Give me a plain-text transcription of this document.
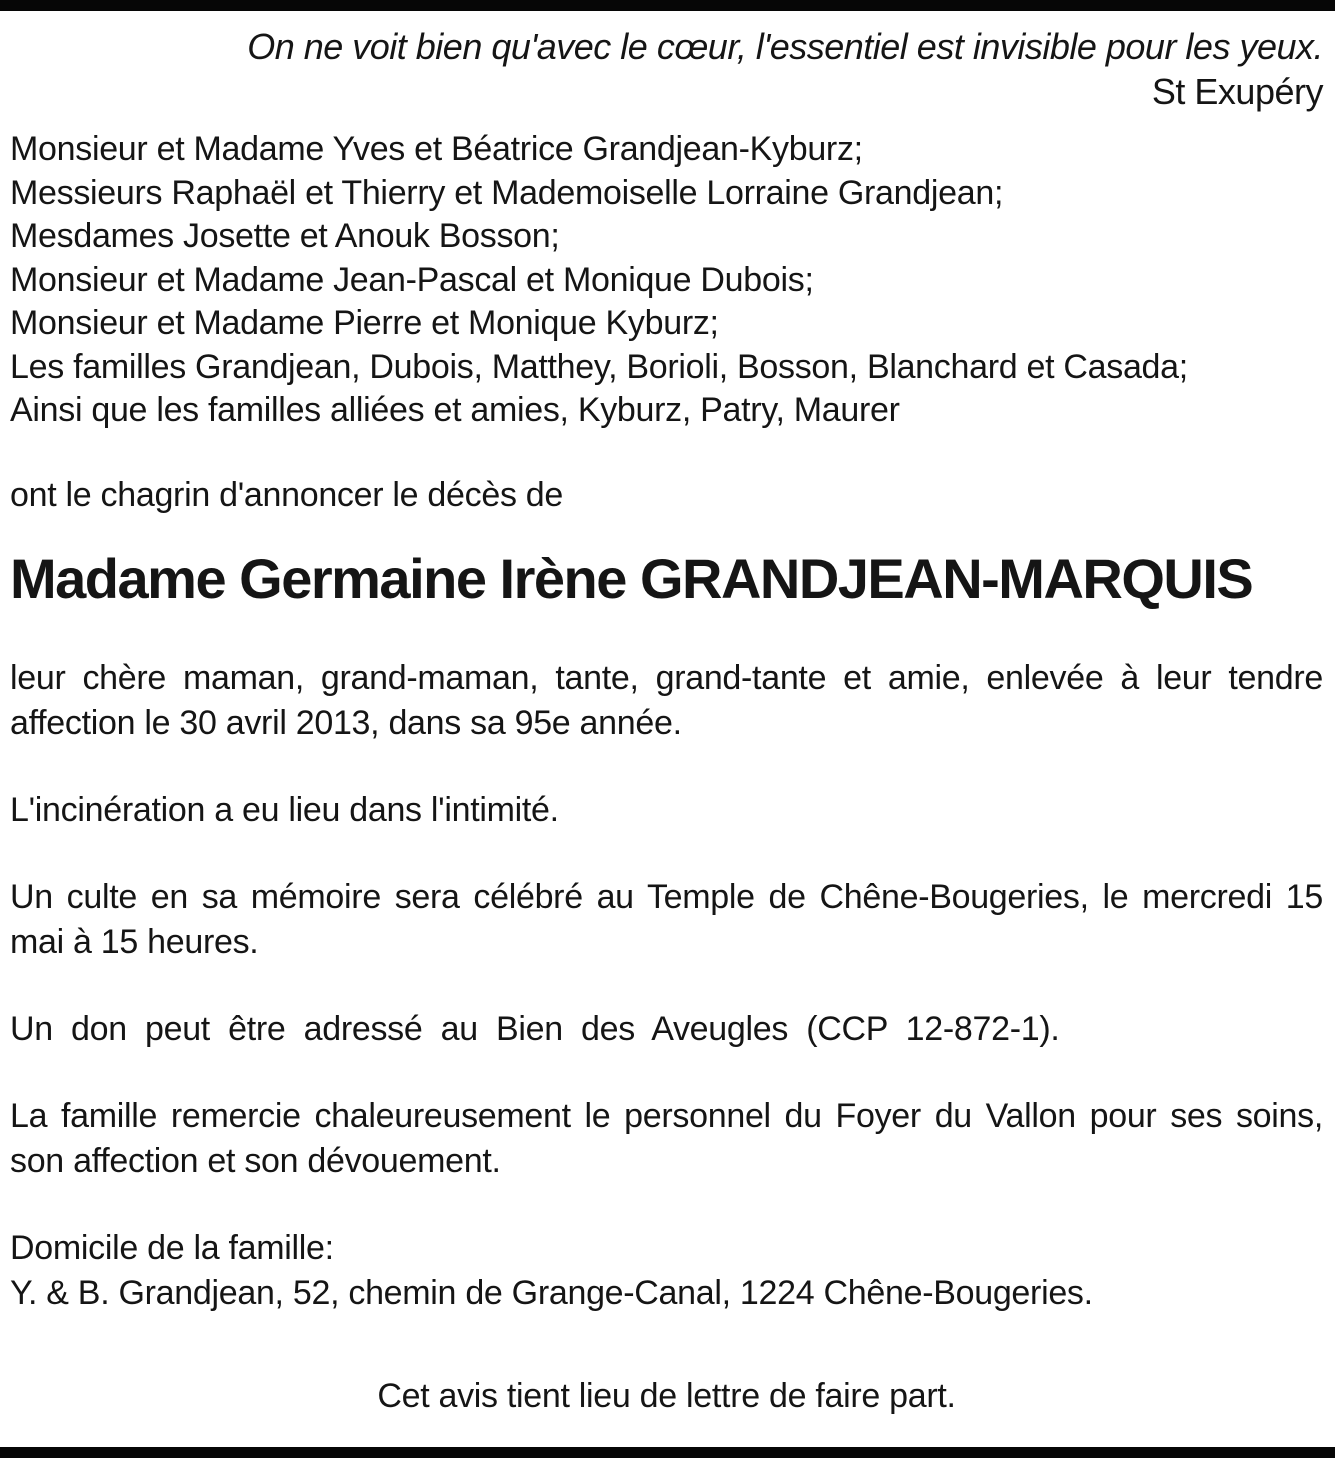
On ne voit bien qu'avec le cœur, l'essentiel est invisible pour les yeux.
St Exupéry
Monsieur et Madame Yves et Béatrice Grandjean-Kyburz;
Messieurs Raphaël et Thierry et Mademoiselle Lorraine Grandjean;
Mesdames Josette et Anouk Bosson;
Monsieur et Madame Jean-Pascal et Monique Dubois;
Monsieur et Madame Pierre et Monique Kyburz;
Les familles Grandjean, Dubois, Matthey, Borioli, Bosson, Blanchard et Casada;
Ainsi que les familles alliées et amies, Kyburz, Patry, Maurer
ont le chagrin d'annoncer le décès de
Madame Germaine Irène GRANDJEAN-MARQUIS

leur chère maman, grand-maman, tante, grand-tante et amie, enlevée à leur tendre affection le 30 avril 2013, dans sa 95e année.

L'incinération a eu lieu dans l'intimité.

Un culte en sa mémoire sera célébré au Temple de Chêne-Bougeries, le mercredi 15 mai à 15 heures.

Un don peut être adressé au Bien des Aveugles (CCP 12-872-1).

La famille remercie chaleureusement le personnel du Foyer du Vallon pour ses soins, son affection et son dévouement.

Domicile de la famille:
Y. & B. Grandjean, 52, chemin de Grange-Canal, 1224 Chêne-Bougeries.
Cet avis tient lieu de lettre de faire part.
